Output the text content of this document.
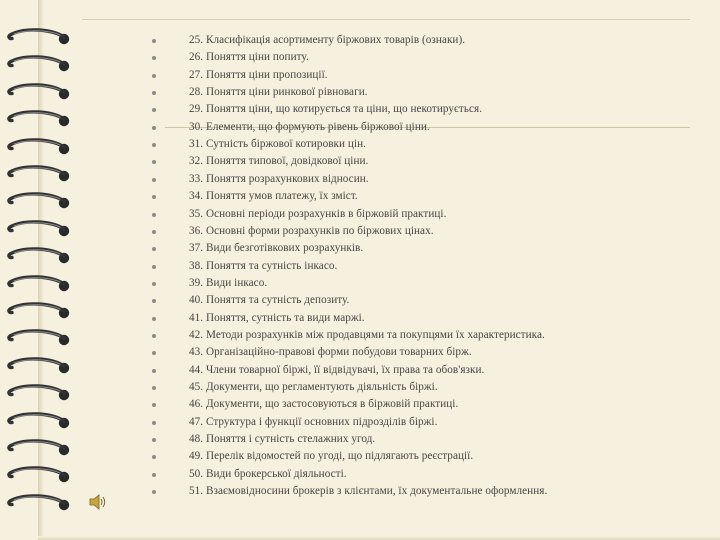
25. Класифікація асортименту біржових товарів (ознаки).
26. Поняття ціни попиту.
27. Поняття ціни пропозиції.
28. Поняття ціни ринкової рівноваги.
29. Поняття ціни, що котирується та ціни, що некотирується.
30. Елементи, що формують рівень біржової ціни.
31. Сутність біржової котировки цін.
32. Поняття типової, довідкової ціни.
33. Поняття розрахункових відносин.
34. Поняття умов платежу, їх зміст.
35. Основні періоди розрахунків в біржовій практиці.
36. Основні форми розрахунків по біржових цінах.
37. Види безготівкових розрахунків.
38. Поняття та сутність інкасо.
39. Види інкасо.
40. Поняття та сутність депозиту.
41. Поняття, сутність та види маржі.
42. Методи розрахунків між продавцями та покупцями їх характеристика.
43. Організаційно-правові форми побудови товарних бірж.
44. Члени товарної біржі, її відвідувачі, їх права та обов'язки.
45. Документи, що регламентують діяльність біржі.
46. Документи, що застосовуються в біржовій практиці.
47. Структура і функції основних підрозділів біржі.
48. Поняття і сутність стелажних угод.
49. Перелік відомостей по угоді, що підлягають реєстрації.
50. Види брокерської діяльності.
51. Взаємовідносини брокерів з клієнтами, їх документальне оформлення.
